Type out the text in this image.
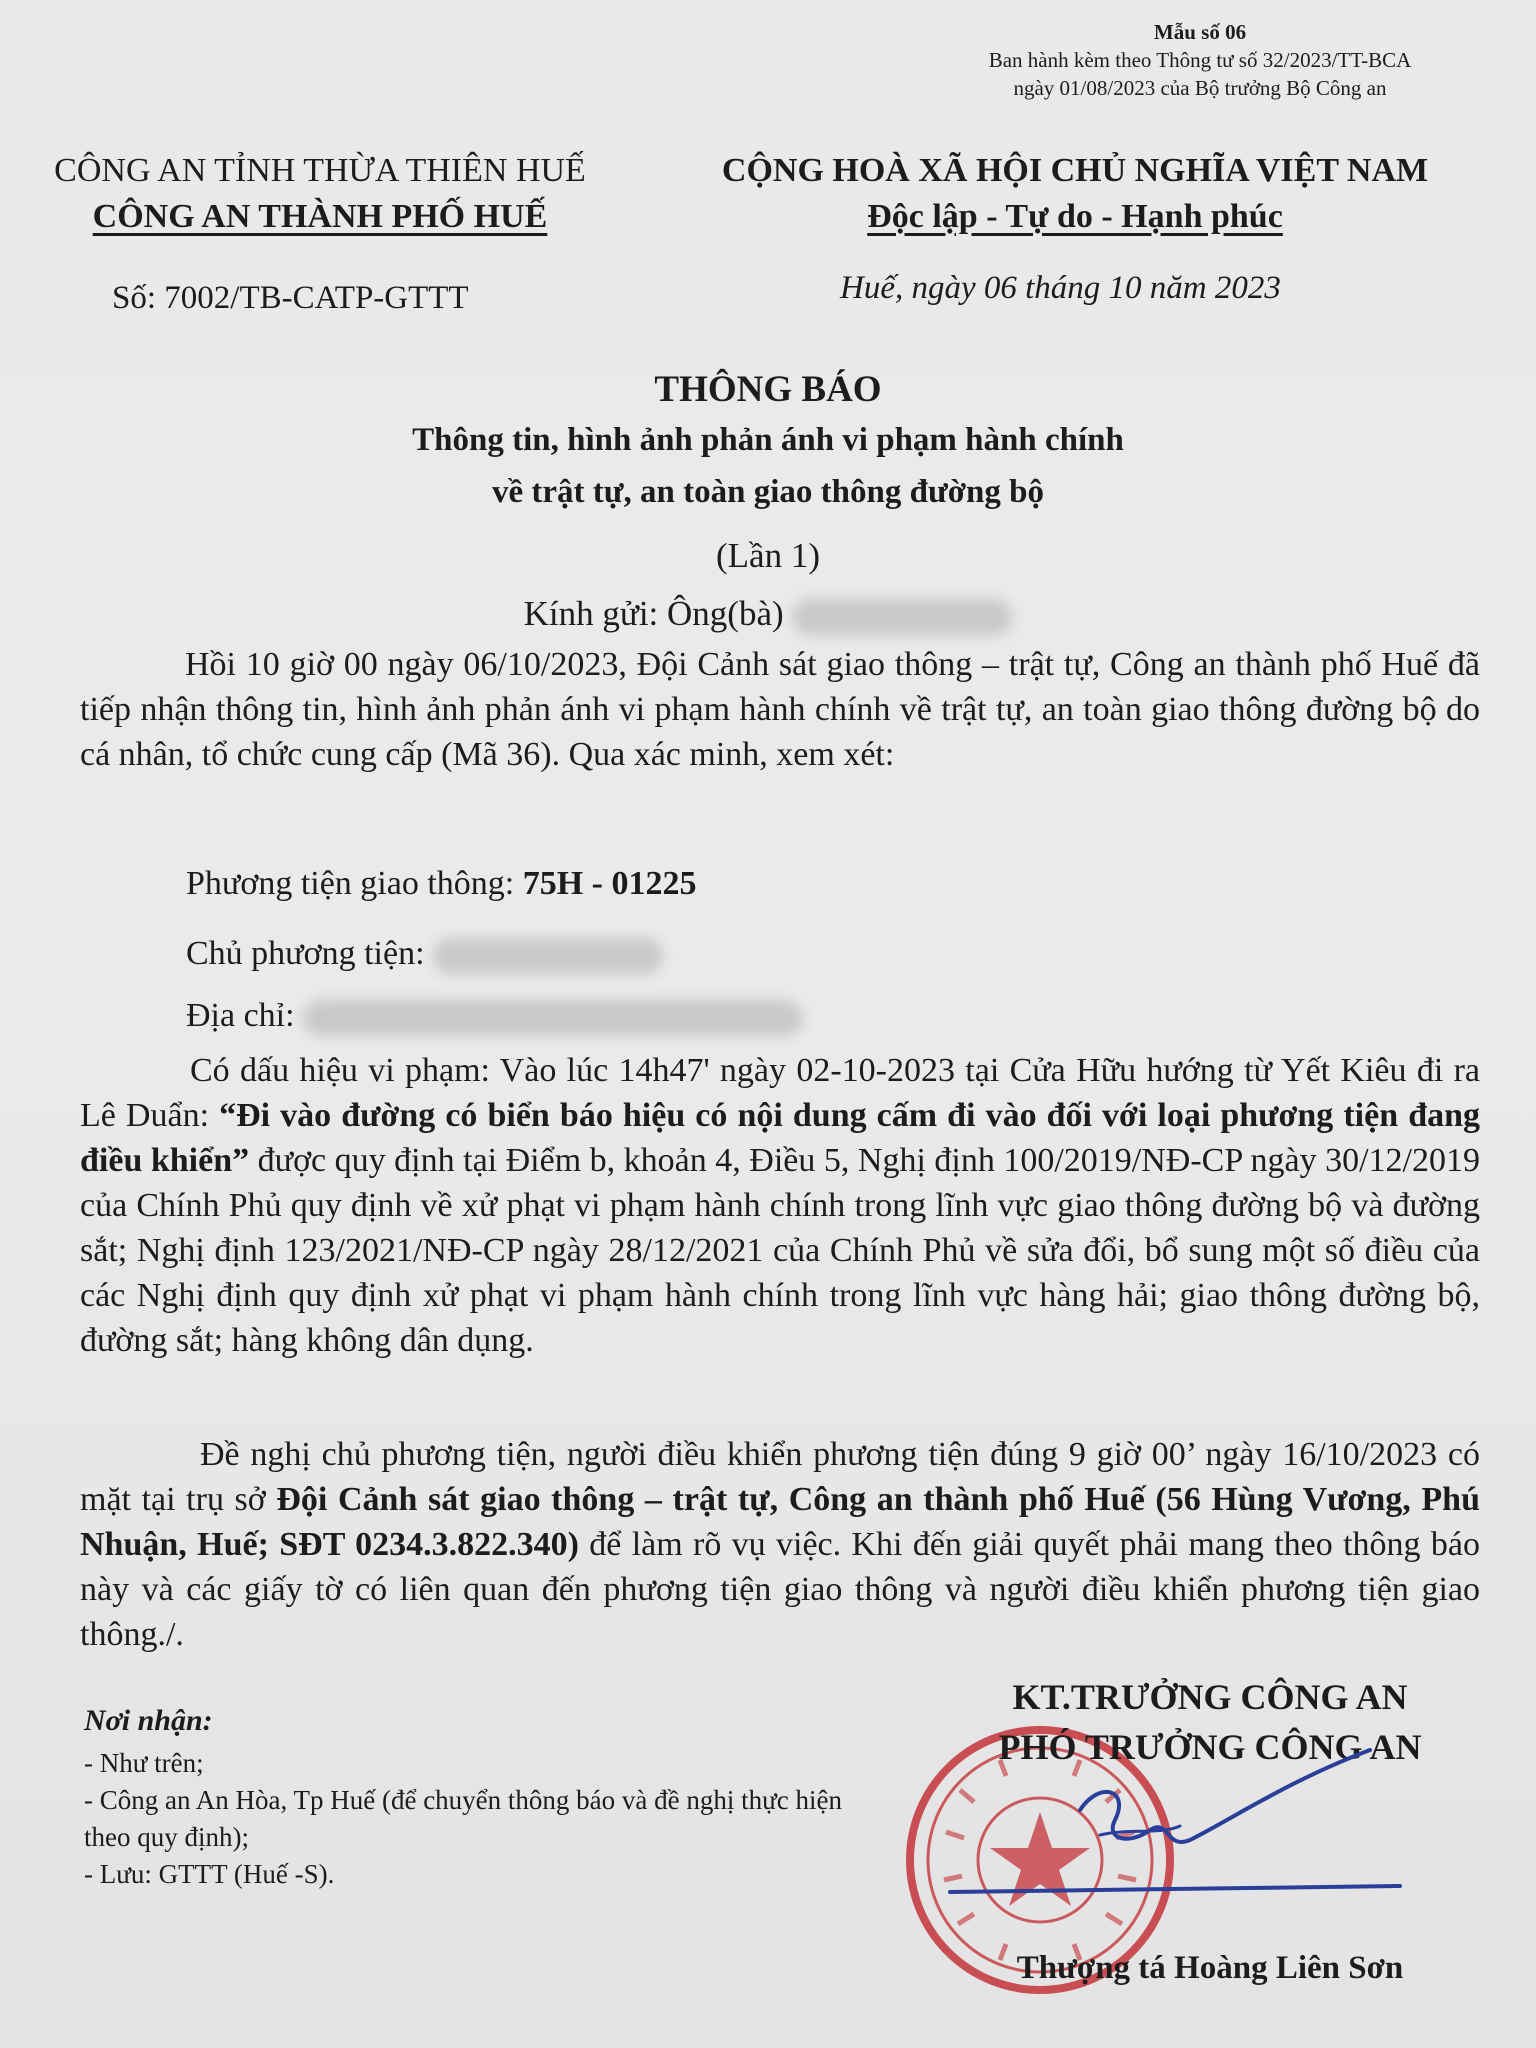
Mẫu số 06
Ban hành kèm theo Thông tư số 32/2023/TT-BCA
ngày 01/08/2023 của Bộ trưởng Bộ Công an
CÔNG AN TỈNH THỪA THIÊN HUẾ
CÔNG AN THÀNH PHỐ HUẾ
CỘNG HOÀ XÃ HỘI CHỦ NGHĨA VIỆT NAM
Độc lập - Tự do - Hạnh phúc
Số: 7002/TB-CATP-GTTT	Huế, ngày 06 tháng 10 năm 2023
THÔNG BÁO
Thông tin, hình ảnh phản ánh vi phạm hành chính
về trật tự, an toàn giao thông đường bộ
(Lần 1)
Kính gửi: Ông(bà)
Hồi 10 giờ 00 ngày 06/10/2023, Đội Cảnh sát giao thông – trật tự, Công an thành phố Huế đã tiếp nhận thông tin, hình ảnh phản ánh vi phạm hành chính về trật tự, an toàn giao thông đường bộ do cá nhân, tổ chức cung cấp (Mã 36). Qua xác minh, xem xét:
Phương tiện giao thông: 75H - 01225
Chủ phương tiện:
Địa chỉ:
Có dấu hiệu vi phạm: Vào lúc 14h47' ngày 02-10-2023 tại Cửa Hữu hướng từ Yết Kiêu đi ra Lê Duẩn: “Đi vào đường có biển báo hiệu có nội dung cấm đi vào đối với loại phương tiện đang điều khiển” được quy định tại Điểm b, khoản 4, Điều 5, Nghị định 100/2019/NĐ-CP ngày 30/12/2019 của Chính Phủ quy định về xử phạt vi phạm hành chính trong lĩnh vực giao thông đường bộ và đường sắt; Nghị định 123/2021/NĐ-CP ngày 28/12/2021 của Chính Phủ về sửa đổi, bổ sung một số điều của các Nghị định quy định xử phạt vi phạm hành chính trong lĩnh vực hàng hải; giao thông đường bộ, đường sắt; hàng không dân dụng.
Đề nghị chủ phương tiện, người điều khiển phương tiện đúng 9 giờ 00’ ngày 16/10/2023 có mặt tại trụ sở Đội Cảnh sát giao thông – trật tự, Công an thành phố Huế (56 Hùng Vương, Phú Nhuận, Huế; SĐT 0234.3.822.340) để làm rõ vụ việc. Khi đến giải quyết phải mang theo thông báo này và các giấy tờ có liên quan đến phương tiện giao thông và người điều khiển phương tiện giao thông./.
Nơi nhận:
- Như trên;
- Công an An Hòa, Tp Huế (để chuyển thông báo và đề nghị thực hiện theo quy định);
- Lưu: GTTT (Huế -S).
KT.TRƯỞNG CÔNG AN
PHÓ TRƯỞNG CÔNG AN
Thượng tá Hoàng Liên Sơn
